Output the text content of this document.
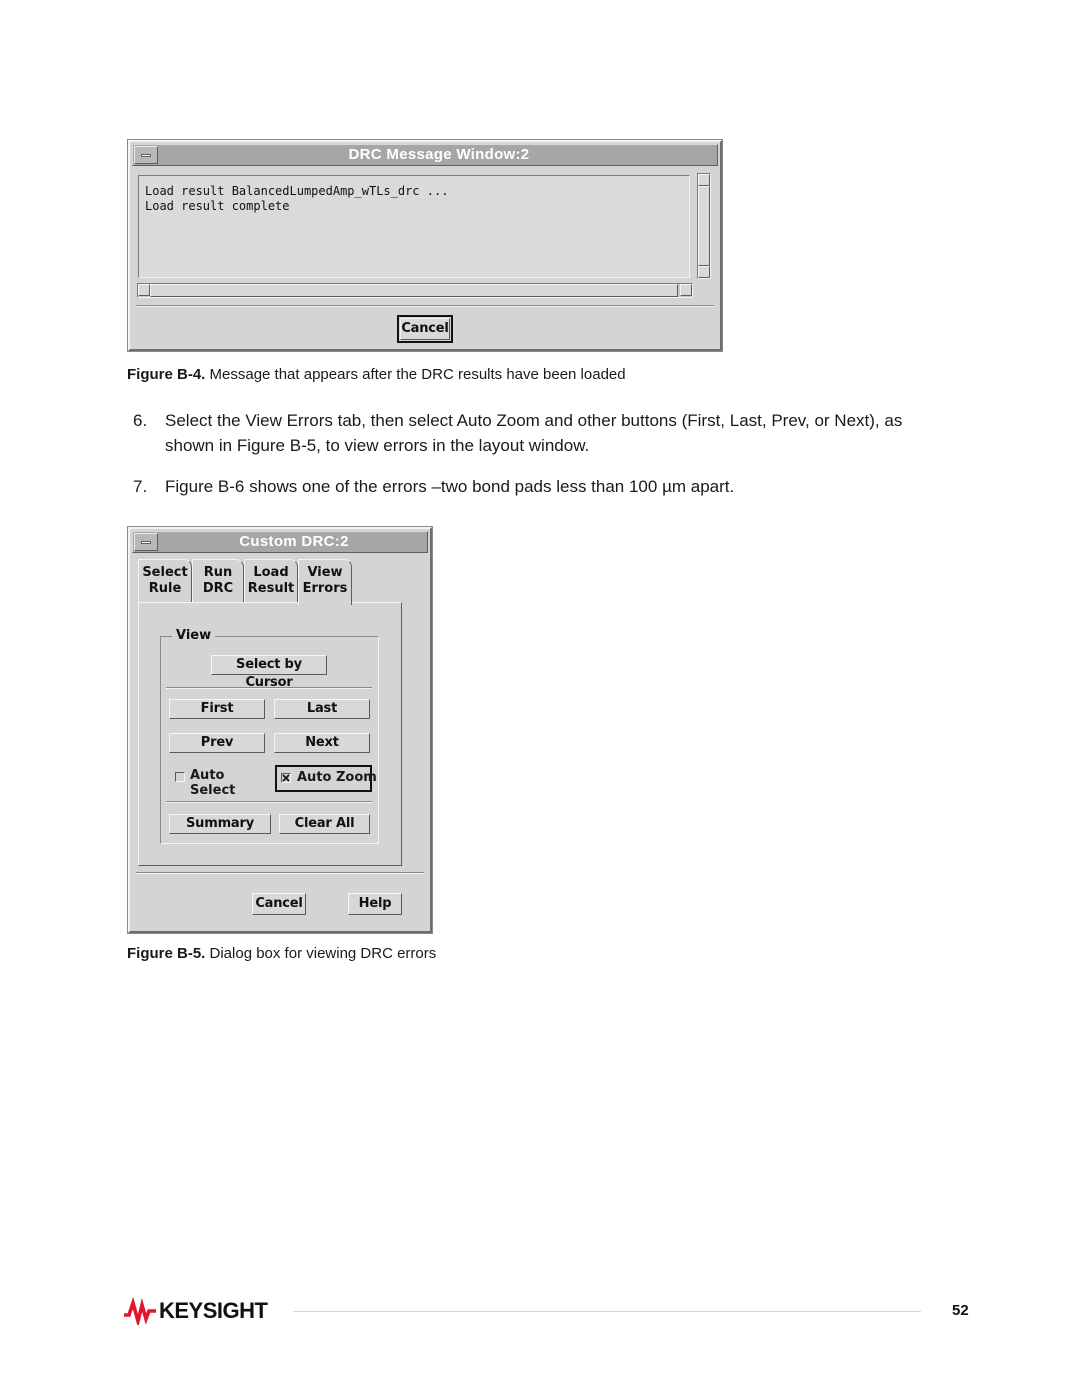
DRC Message Window:2
Load result BalancedLumpedAmp_wTLs_drc ...
Load result complete
Cancel
Figure B-4. Message that appears after the DRC results have been loaded
6. Select the View Errors tab, then select Auto Zoom and other buttons (First, Last, Prev, or Next), as
shown in Figure B-5, to view errors in the layout window.
7. Figure B-6 shows one of the errors –two bond pads less than 100 µm apart.
Custom DRC:2
Select
Rule
Run
DRC
Load
Result
View
Errors
View
Select by Cursor
First	Last
Prev	Next
Auto Select
Auto Zoom
Summary	Clear All
Cancel	Help
Figure B-5. Dialog box for viewing DRC errors
KEYSIGHT	52
